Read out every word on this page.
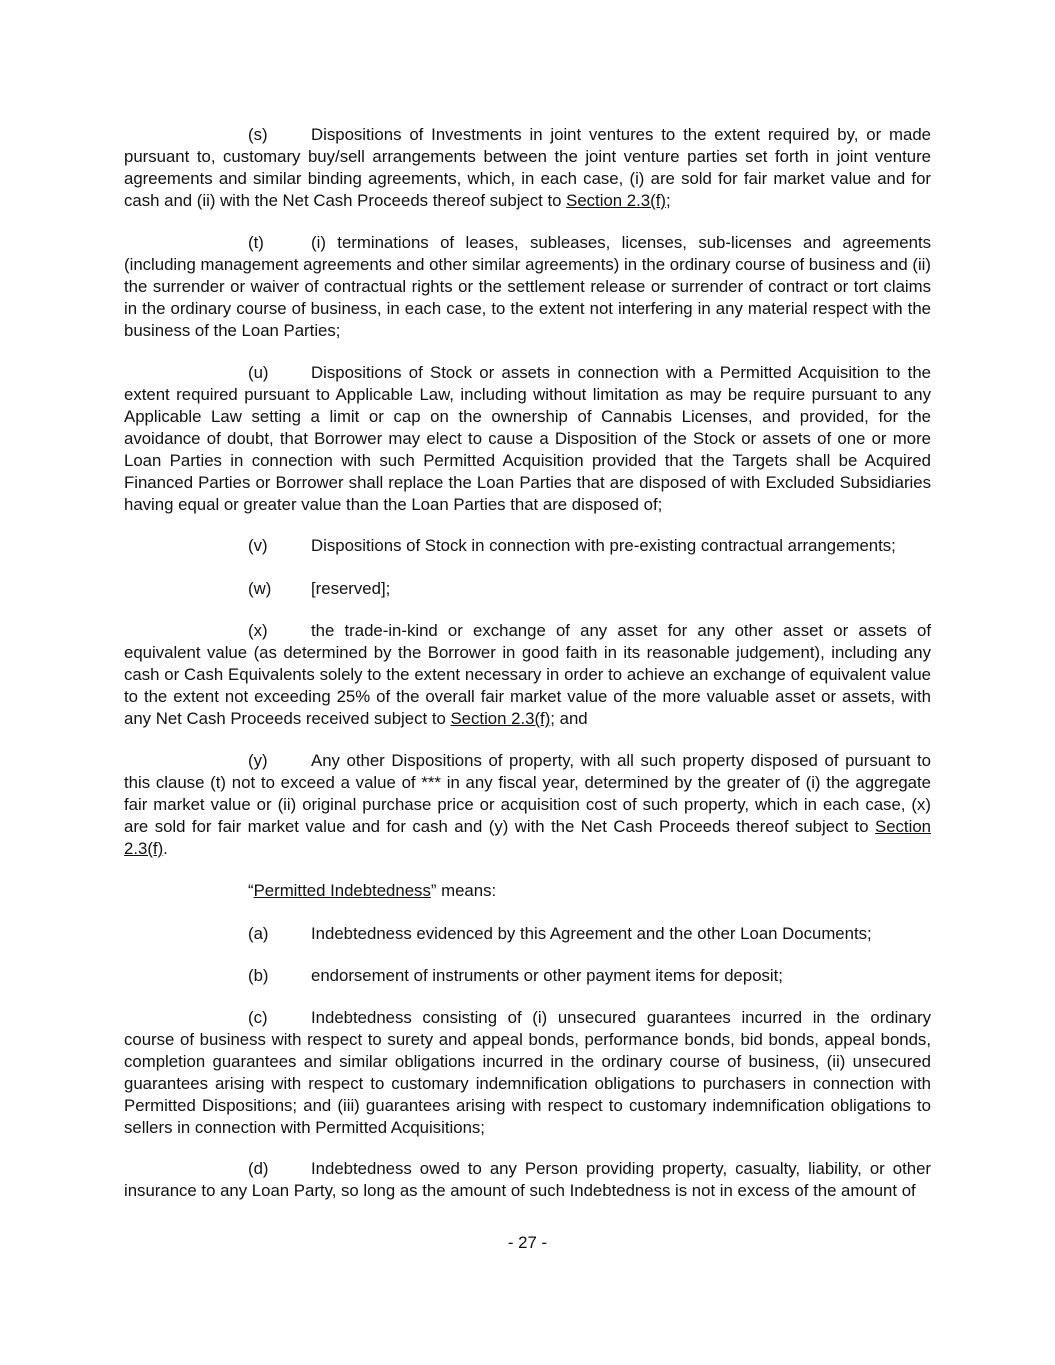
(s)	Dispositions of Investments in joint ventures to the extent required by, or made pursuant to, customary buy/sell arrangements between the joint venture parties set forth in joint venture agreements and similar binding agreements, which, in each case, (i) are sold for fair market value and for cash and (ii) with the Net Cash Proceeds thereof subject to Section 2.3(f);

(t)	(i) terminations of leases, subleases, licenses, sub-licenses and agreements (including management agreements and other similar agreements) in the ordinary course of business and (ii) the surrender or waiver of contractual rights or the settlement release or surrender of contract or tort claims in the ordinary course of business, in each case, to the extent not interfering in any material respect with the business of the Loan Parties;

(u)	Dispositions of Stock or assets in connection with a Permitted Acquisition to the extent required pursuant to Applicable Law, including without limitation as may be require pursuant to any Applicable Law setting a limit or cap on the ownership of Cannabis Licenses, and provided, for the avoidance of doubt, that Borrower may elect to cause a Disposition of the Stock or assets of one or more Loan Parties in connection with such Permitted Acquisition provided that the Targets shall be Acquired Financed Parties or Borrower shall replace the Loan Parties that are disposed of with Excluded Subsidiaries having equal or greater value than the Loan Parties that are disposed of;

(v)	Dispositions of Stock in connection with pre-existing contractual arrangements;

(w) [reserved];

(x)	the trade-in-kind or exchange of any asset for any other asset or assets of equivalent value (as determined by the Borrower in good faith in its reasonable judgement), including any cash or Cash Equivalents solely to the extent necessary in order to achieve an exchange of equivalent value to the extent not exceeding 25% of the overall fair market value of the more valuable asset or assets, with any Net Cash Proceeds received subject to Section 2.3(f); and

(y)	Any other Dispositions of property, with all such property disposed of pursuant to this clause (t) not to exceed a value of *** in any fiscal year, determined by the greater of (i) the aggregate fair market value or (ii) original purchase price or acquisition cost of such property, which in each case, (x) are sold for fair market value and for cash and (y) with the Net Cash Proceeds thereof subject to Section 2.3(f).

“Permitted Indebtedness” means:

(a)	Indebtedness evidenced by this Agreement and the other Loan Documents;

(b)	endorsement of instruments or other payment items for deposit;

(c)	Indebtedness consisting of (i) unsecured guarantees incurred in the ordinary course of business with respect to surety and appeal bonds, performance bonds, bid bonds, appeal bonds, completion guarantees and similar obligations incurred in the ordinary course of business, (ii) unsecured guarantees arising with respect to customary indemnification obligations to purchasers in connection with Permitted Dispositions; and (iii) guarantees arising with respect to customary indemnification obligations to sellers in connection with Permitted Acquisitions;

(d)	Indebtedness owed to any Person providing property, casualty, liability, or other insurance to any Loan Party, so long as the amount of such Indebtedness is not in excess of the amount of

- 27 -
